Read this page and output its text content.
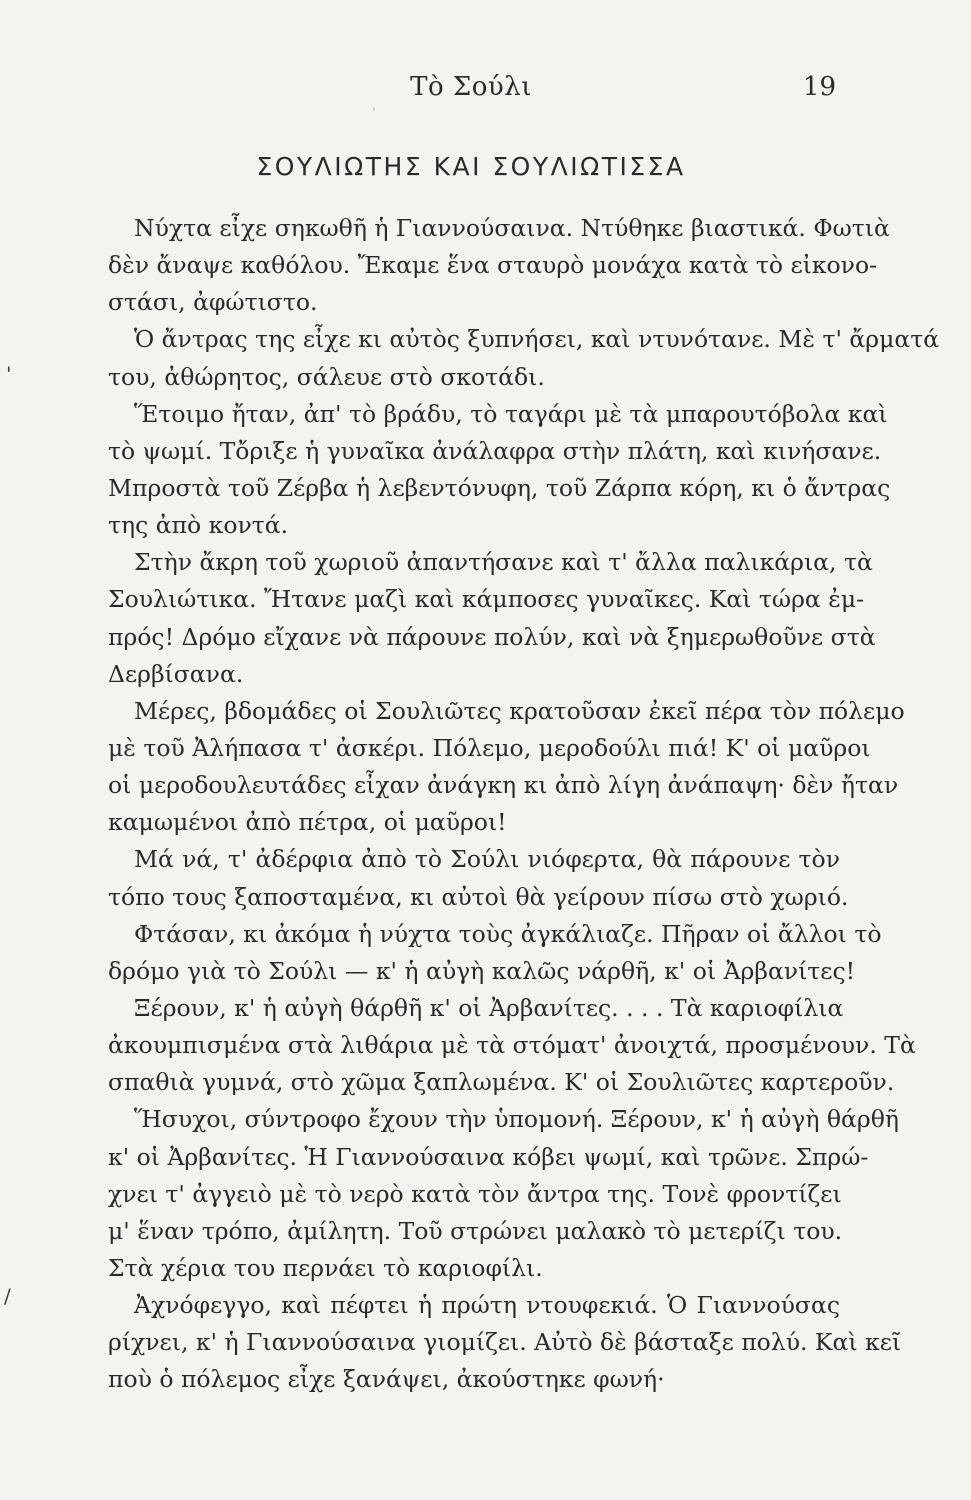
Τὸ Σούλι	19
'
ΣΟΥΛΙΩΤΗΣ ΚΑΙ ΣΟΥΛΙΩΤΙΣΣΑ
Νύχτα εἶχε σηκωθῆ ἡ Γιαννούσαινα. Ντύθηκε βιαστικά. Φωτιὰ
δὲν ἄναψε καθόλου. Ἔκαμε ἕνα σταυρὸ μονάχα κατὰ τὸ εἰκονο-
στάσι, ἀφώτιστο.
Ὁ ἄντρας της εἶχε κι αὐτὸς ξυπνήσει, καὶ ντυνότανε. Μὲ τ' ἄρματά
του, ἀθώρητος, σάλευε στὸ σκοτάδι.
Ἕτοιμο ἤταν, ἀπ' τὸ βράδυ, τὸ ταγάρι μὲ τὰ μπαρουτόβολα καὶ
τὸ ψωμί. Τὄριξε ἡ γυναῖκα ἀνάλαφρα στὴν πλάτη, καὶ κινήσανε.
Μπροστὰ τοῦ Ζέρβα ἡ λεβεντόνυφη, τοῦ Ζάρπα κόρη, κι ὁ ἄντρας
της ἀπὸ κοντά.
Στὴν ἄκρη τοῦ χωριοῦ ἀπαντήσανε καὶ τ' ἄλλα παλικάρια, τὰ
Σουλιώτικα. Ἤτανε μαζὶ καὶ κάμποσες γυναῖκες. Καὶ τώρα ἐμ-
πρός! Δρόμο εἴχανε νὰ πάρουνε πολύν, καὶ νὰ ξημερωθοῦνε στὰ
Δερβίσανα.
Μέρες, βδομάδες οἱ Σουλιῶτες κρατοῦσαν ἐκεῖ πέρα τὸν πόλεμο
μὲ τοῦ Ἀλήπασα τ' ἀσκέρι. Πόλεμο, μεροδούλι πιά! Κ' οἱ μαῦροι
οἱ μεροδουλευτάδες εἶχαν ἀνάγκη κι ἀπὸ λίγη ἀνάπαψη· δὲν ἤταν
καμωμένοι ἀπὸ πέτρα, οἱ μαῦροι!
Μά νά, τ' ἀδέρφια ἀπὸ τὸ Σούλι νιόφερτα, θὰ πάρουνε τὸν
τόπο τους ξαποσταμένα, κι αὐτοὶ θὰ γείρουν πίσω στὸ χωριό.
Φτάσαν, κι ἀκόμα ἡ νύχτα τοὺς ἀγκάλιαζε. Πῆραν οἱ ἄλλοι τὸ
δρόμο γιὰ τὸ Σούλι — κ' ἡ αὐγὴ καλῶς νάρθῆ, κ' οἱ Ἀρβανίτες!
Ξέρουν, κ' ἡ αὐγὴ θάρθῆ κ' οἱ Ἀρβανίτες. . . . Τὰ καριοφίλια
ἀκουμπισμένα στὰ λιθάρια μὲ τὰ στόματ' ἀνοιχτά, προσμένουν. Τὰ
σπαθιὰ γυμνά, στὸ χῶμα ξαπλωμένα. Κ' οἱ Σουλιῶτες καρτεροῦν.
Ἥσυχοι, σύντροφο ἔχουν τὴν ὑπομονή. Ξέρουν, κ' ἡ αὐγὴ θάρθῆ
κ' οἱ Ἀρβανίτες. Ἡ Γιαννούσαινα κόβει ψωμί, καὶ τρῶνε. Σπρώ-
χνει τ' ἀγγειὸ μὲ τὸ νερὸ κατὰ τὸν ἄντρα της. Τονὲ φροντίζει
μ' ἕναν τρόπο, ἀμίλητη. Τοῦ στρώνει μαλακὸ τὸ μετερίζι του.
Στὰ χέρια του περνάει τὸ καριοφίλι.
Ἀχνόφεγγο, καὶ πέφτει ἡ πρώτη ντουφεκιά. Ὁ Γιαννούσας
ρίχνει, κ' ἡ Γιαννούσαινα γιομίζει. Αὐτὸ δὲ βάσταξε πολύ. Καὶ κεῖ
ποὺ ὁ πόλεμος εἶχε ξανάψει, ἀκούστηκε φωνή·
'
/
